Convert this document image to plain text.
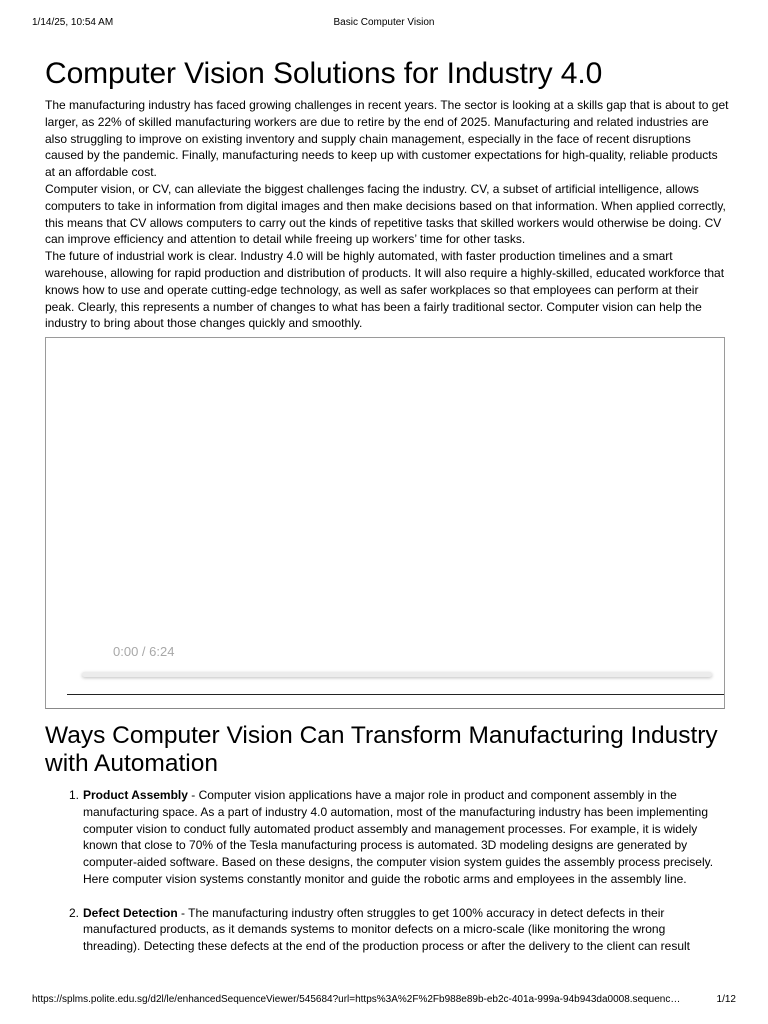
1/14/25, 10:54 AM	Basic Computer Vision
Computer Vision Solutions for Industry 4.0

The manufacturing industry has faced growing challenges in recent years. The sector is looking at a skills gap that is about to get larger, as 22% of skilled manufacturing workers are due to retire by the end of 2025. Manufacturing and related industries are also struggling to improve on existing inventory and supply chain management, especially in the face of recent disruptions caused by the pandemic. Finally, manufacturing needs to keep up with customer expectations for high-quality, reliable products at an affordable cost.

Computer vision, or CV, can alleviate the biggest challenges facing the industry. CV, a subset of artificial intelligence, allows computers to take in information from digital images and then make decisions based on that information. When applied correctly, this means that CV allows computers to carry out the kinds of repetitive tasks that skilled workers would otherwise be doing. CV can improve efficiency and attention to detail while freeing up workers’ time for other tasks.

The future of industrial work is clear. Industry 4.0 will be highly automated, with faster production timelines and a smart warehouse, allowing for rapid production and distribution of products. It will also require a highly-skilled, educated workforce that knows how to use and operate cutting-edge technology, as well as safer workplaces so that employees can perform at their peak. Clearly, this represents a number of changes to what has been a fairly traditional sector. Computer vision can help the industry to bring about those changes quickly and smoothly.

0:00 / 6:24
Ways Computer Vision Can Transform Manufacturing Industry with Automation
1. Product Assembly - Computer vision applications have a major role in product and component assembly in the manufacturing space. As a part of industry 4.0 automation, most of the manufacturing industry has been implementing computer vision to conduct fully automated product assembly and management processes. For example, it is widely known that close to 70% of the Tesla manufacturing process is automated. 3D modeling designs are generated by computer-aided software. Based on these designs, the computer vision system guides the assembly process precisely. Here computer vision systems constantly monitor and guide the robotic arms and employees in the assembly line.
2. Defect Detection - The manufacturing industry often struggles to get 100% accuracy in detect defects in their manufactured products, as it demands systems to monitor defects on a micro-scale (like monitoring the wrong threading). Detecting these defects at the end of the production process or after the delivery to the client can result
https://splms.polite.edu.sg/d2l/le/enhancedSequenceViewer/545684?url=https%3A%2F%2Fb988e89b-eb2c-401a-999a-94b943da0008.sequenc…	1/12
